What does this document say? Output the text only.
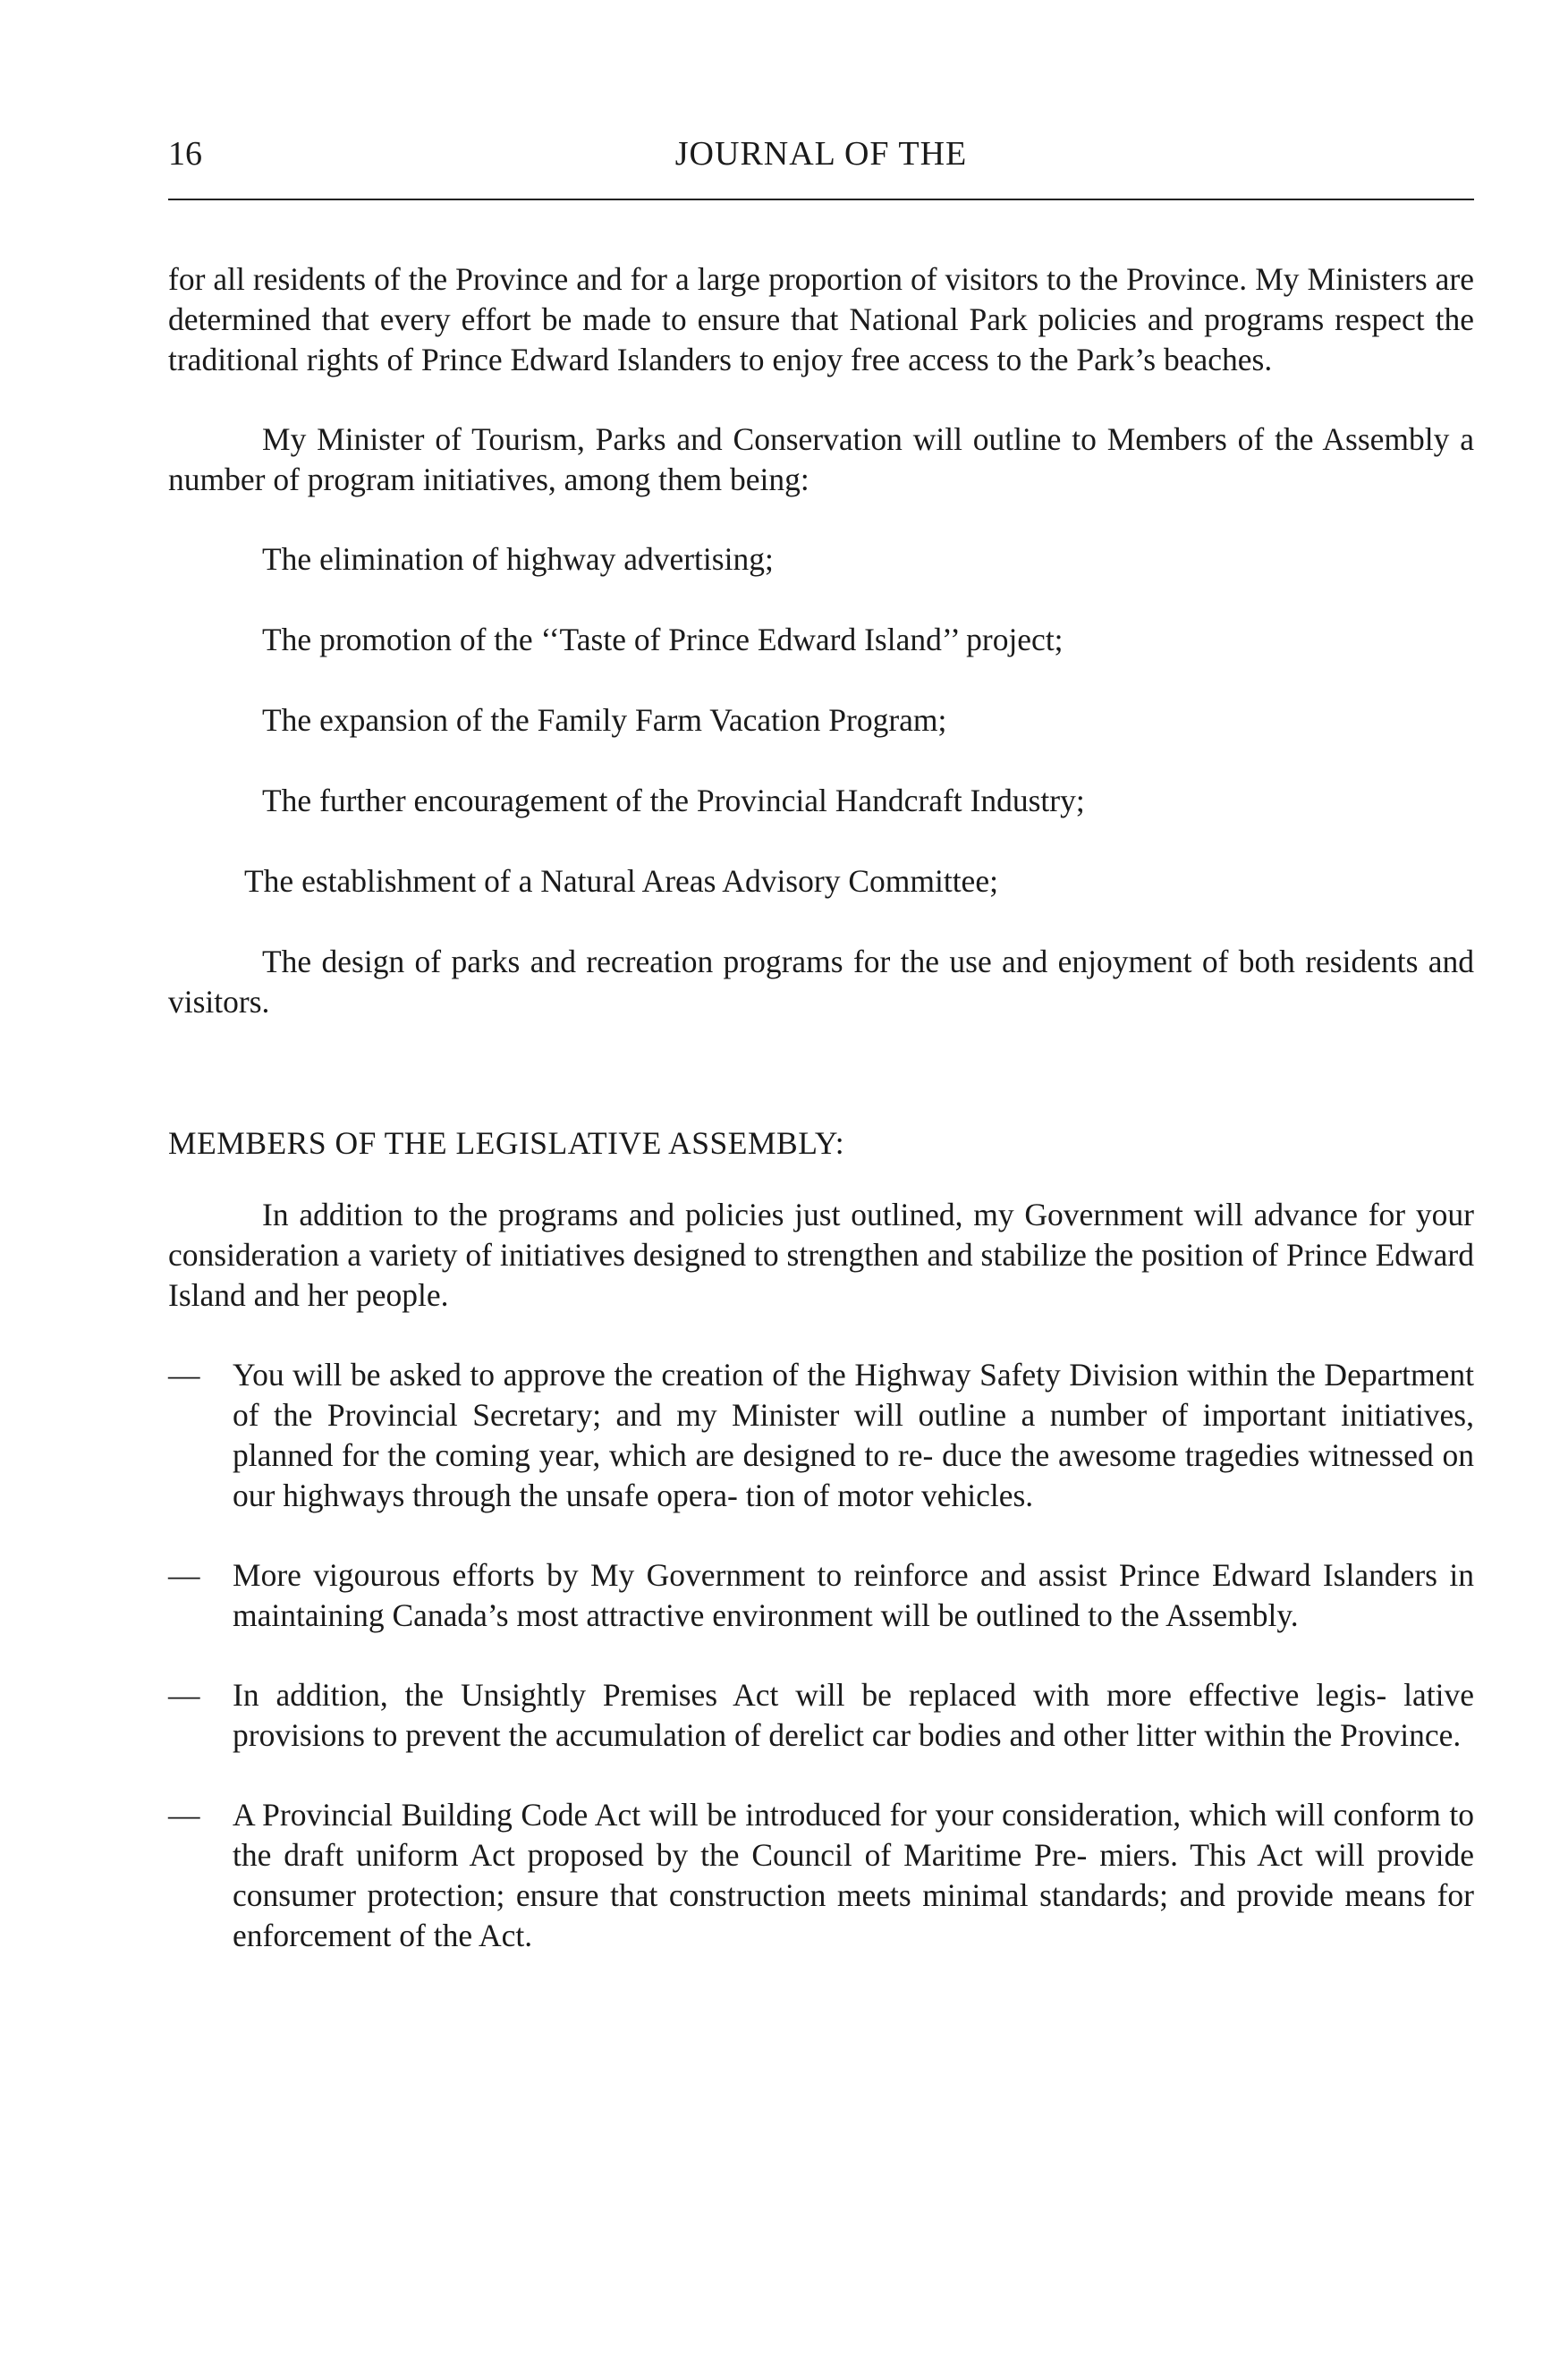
16	JOURNAL OF THE

for all residents of the Province and for a large proportion of visitors to the Province. My Ministers are determined that every effort be made to ensure that National Park policies and programs respect the traditional rights of Prince Edward Islanders to enjoy free access to the Park’s beaches.

My Minister of Tourism, Parks and Conservation will outline to Members of the Assembly a number of program initiatives, among them being:

The elimination of highway advertising;
The promotion of the ‘‘Taste of Prince Edward Island’’ project;
The expansion of the Family Farm Vacation Program;
The further encouragement of the Provincial Handcraft Industry;
The establishment of a Natural Areas Advisory Committee;

The design of parks and recreation programs for the use and enjoyment of both residents and visitors.

MEMBERS OF THE LEGISLATIVE ASSEMBLY:

In addition to the programs and policies just outlined, my Government will advance for your consideration a variety of initiatives designed to strengthen and stabilize the position of Prince Edward Island and her people.

— You will be asked to approve the creation of the Highway Safety Division within the Department of the Provincial Secretary; and my Minister will outline a number of important initiatives, planned for the coming year, which are designed to re- duce the awesome tragedies witnessed on our highways through the unsafe opera- tion of motor vehicles.
— More vigourous efforts by My Government to reinforce and assist Prince Edward Islanders in maintaining Canada’s most attractive environment will be outlined to the Assembly.
— In addition, the Unsightly Premises Act will be replaced with more effective legis- lative provisions to prevent the accumulation of derelict car bodies and other litter within the Province.
— A Provincial Building Code Act will be introduced for your consideration, which will conform to the draft uniform Act proposed by the Council of Maritime Pre- miers. This Act will provide consumer protection; ensure that construction meets minimal standards; and provide means for enforcement of the Act.
